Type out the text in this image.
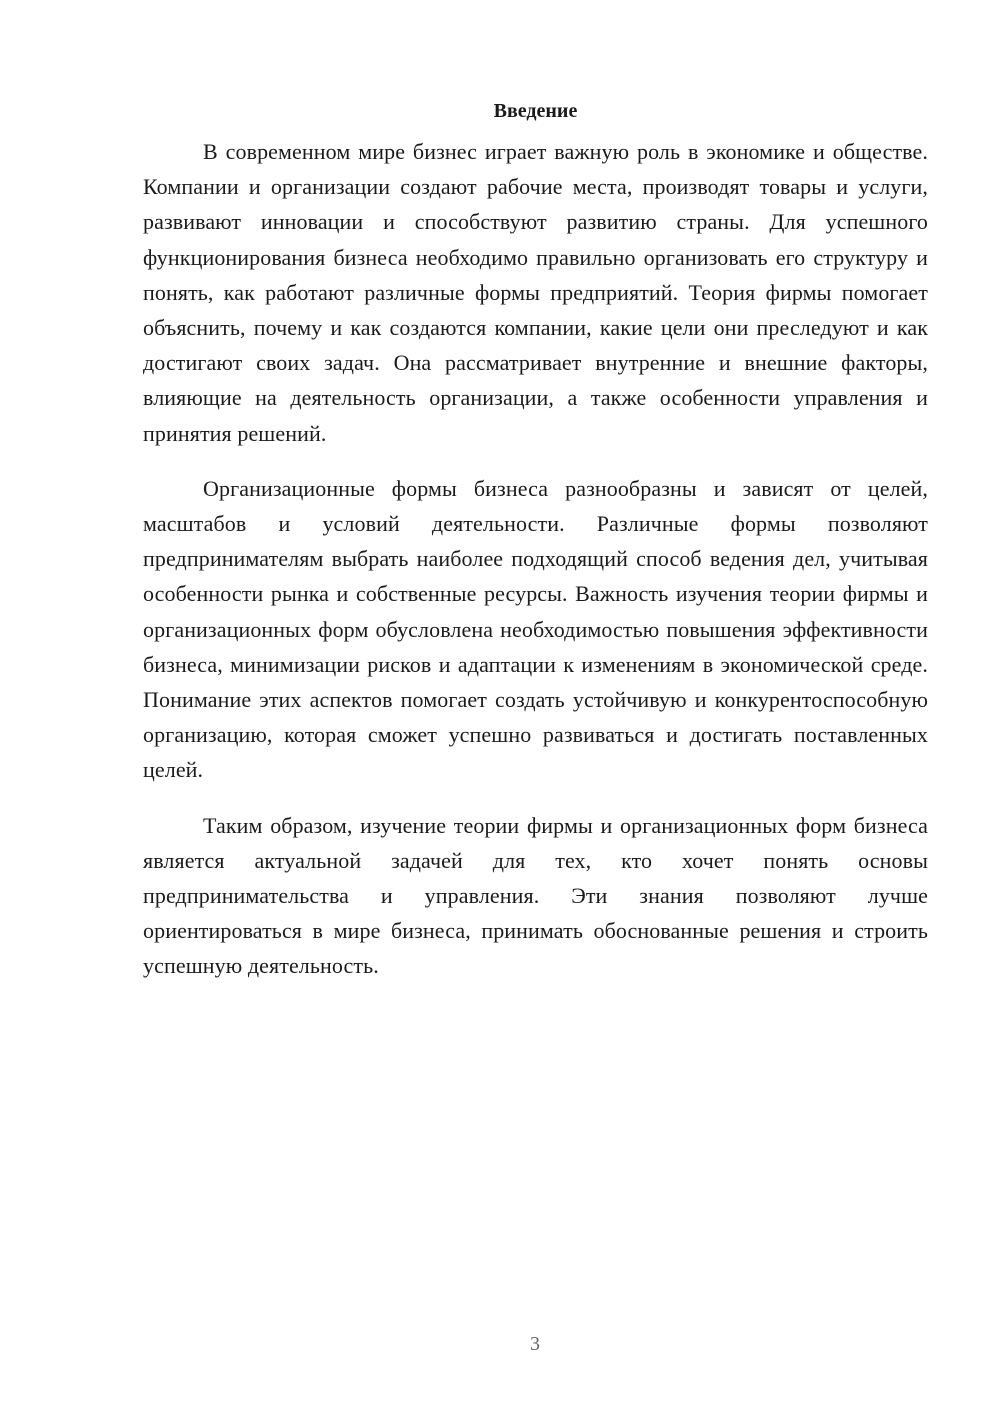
Введение

В современном мире бизнес играет важную роль в экономике и обществе. Компании и организации создают рабочие места, производят товары и услуги, развивают инновации и способствуют развитию страны. Для успешного функционирования бизнеса необходимо правильно организовать его структуру и понять, как работают различные формы предприятий. Теория фирмы помогает объяснить, почему и как создаются компании, какие цели они преследуют и как достигают своих задач. Она рассматривает внутренние и внешние факторы, влияющие на деятельность организации, а также особенности управления и принятия решений.

Организационные формы бизнеса разнообразны и зависят от целей, масштабов и условий деятельности. Различные формы позволяют предпринимателям выбрать наиболее подходящий способ ведения дел, учитывая особенности рынка и собственные ресурсы. Важность изучения теории фирмы и организационных форм обусловлена необходимостью повышения эффективности бизнеса, минимизации рисков и адаптации к изменениям в экономической среде. Понимание этих аспектов помогает создать устойчивую и конкурентоспособную организацию, которая сможет успешно развиваться и достигать поставленных целей.

Таким образом, изучение теории фирмы и организационных форм бизнеса является актуальной задачей для тех, кто хочет понять основы предпринимательства и управления. Эти знания позволяют лучше ориентироваться в мире бизнеса, принимать обоснованные решения и строить успешную деятельность.

3
